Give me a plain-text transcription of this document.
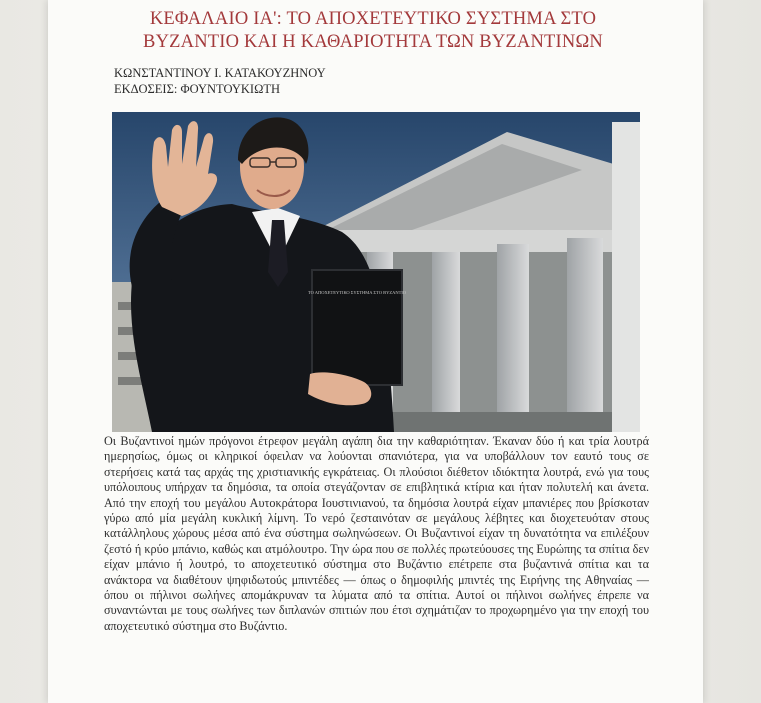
ΚΕΦΑΛΑΙΟ ΙΑ': ΤΟ ΑΠΟΧΕΤΕΥΤΙΚΟ ΣΥΣΤΗΜΑ ΣΤΟ
ΒΥΖΑΝΤΙΟ ΚΑΙ Η ΚΑΘΑΡΙΟΤΗΤΑ ΤΩΝ ΒΥΖΑΝΤΙΝΩΝ
ΚΩΝΣΤΑΝΤΙΝΟΥ Ι. ΚΑΤΑΚΟΥΖΗΝΟΥ
ΕΚΔΟΣΕΙΣ: ΦΟΥΝΤΟΥΚΙΩΤΗ
ΤΟ ΑΠΟΧΕΤΕΥΤΙΚΟ ΣΥΣΤΗΜΑ ΣΤΟ ΒΥΖΑΝΤΙΟ

Οι Βυζαντινοί ημών πρόγονοι έτρεφον μεγάλη αγάπη δια την καθαριότηταν. Έκαναν δύο ή και τρία λουτρά ημερησίως, όμως οι κληρικοί όφειλαν να λούονται σπανιότερα, για να υποβάλλουν τον εαυτό τους σε στερήσεις κατά τας αρχάς της χριστιανικής εγκράτειας. Οι πλούσιοι διέθετον ιδιόκτητα λουτρά, ενώ για τους υπόλοιπους υπήρχαν τα δημόσια, τα οποία στεγάζονταν σε επιβλητικά κτίρια και ήταν πολυτελή και άνετα. Από την εποχή του μεγάλου Αυτοκράτορα Ιουστινιανού, τα δημόσια λουτρά είχαν μπανιέρες που βρίσκοταν γύρω από μία μεγάλη κυκλική λίμνη. Το νερό ζεσταινόταν σε μεγάλους λέβητες και διοχετευόταν στους κατάλληλους χώρους μέσα από ένα σύστημα σωληνώσεων. Οι Βυζαντινοί είχαν τη δυνατότητα να επιλέξουν ζεστό ή κρύο μπάνιο, καθώς και ατμόλουτρο. Την ώρα που σε πολλές πρωτεύουσες της Ευρώπης τα σπίτια δεν είχαν μπάνιο ή λουτρό, το αποχετευτικό σύστημα στο Βυζάντιο επέτρεπε στα βυζαντινά σπίτια και τα ανάκτορα να διαθέτουν ψηφιδωτούς μπιντέδες — όπως ο δημοφιλής μπιντές της Ειρήνης της Αθηναίας — όπου οι πήλινοι σωλήνες απομάκρυναν τα λύματα από τα σπίτια. Αυτοί οι πήλινοι σωλήνες έπρεπε να συναντώνται με τους σωλήνες των διπλανών σπιτιών που έτσι σχημάτιζαν το προχωρημένο για την εποχή του αποχετευτικό σύστημα στο Βυζάντιο.
